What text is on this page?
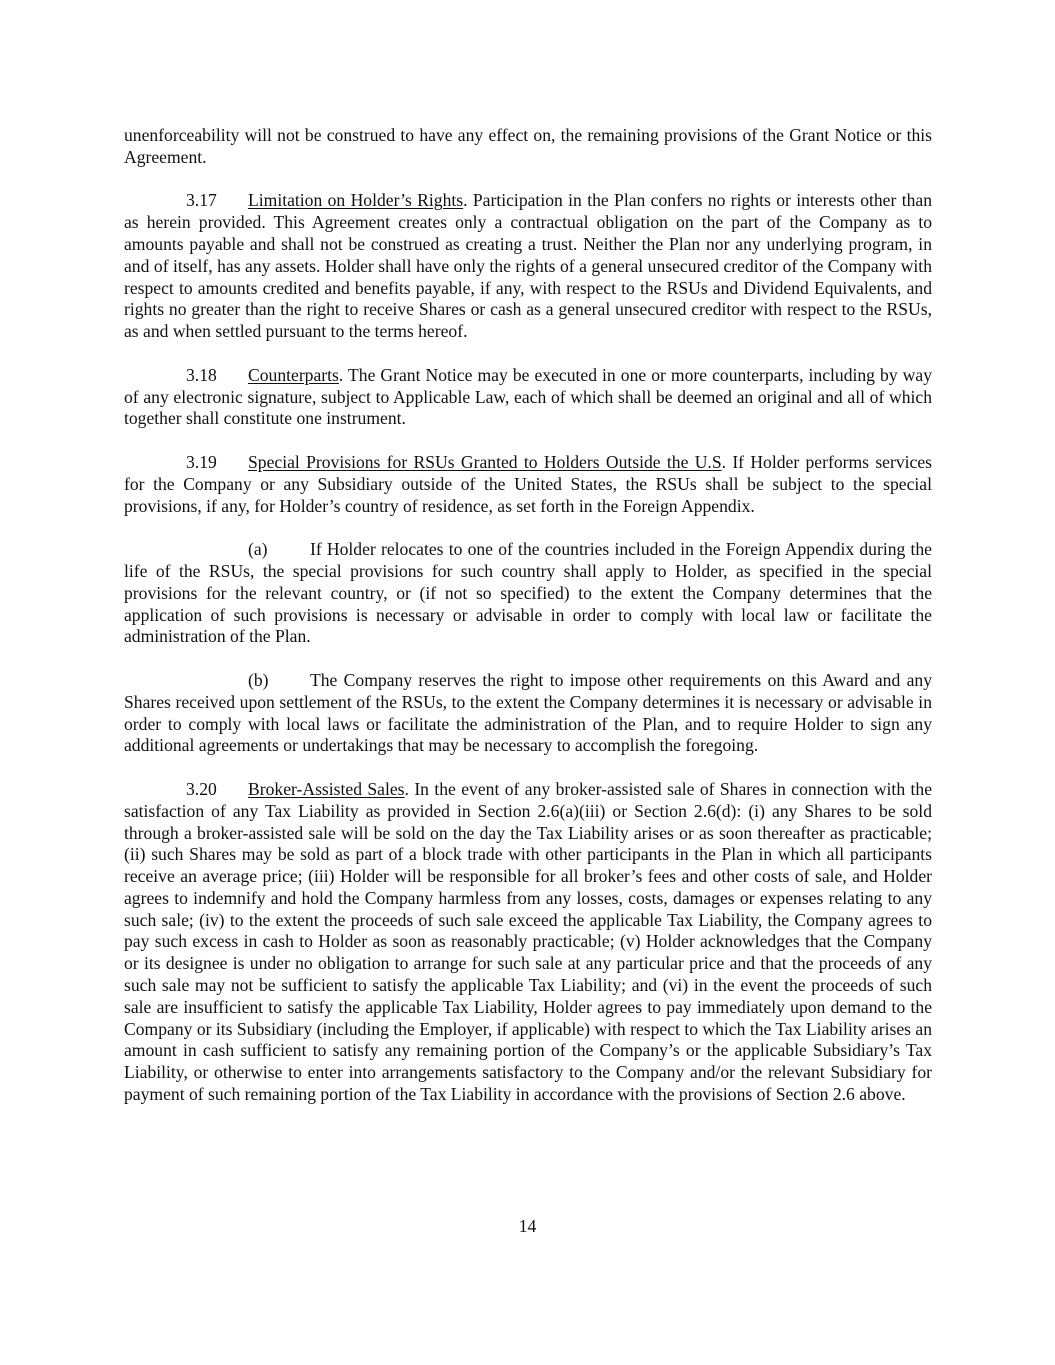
unenforceability will not be construed to have any effect on, the remaining provisions of the Grant Notice or this Agreement.

3.17 Limitation on Holder’s Rights. Participation in the Plan confers no rights or interests other than as herein provided. This Agreement creates only a contractual obligation on the part of the Company as to amounts payable and shall not be construed as creating a trust. Neither the Plan nor any underlying program, in and of itself, has any assets. Holder shall have only the rights of a general unsecured creditor of the Company with respect to amounts credited and benefits payable, if any, with respect to the RSUs and Dividend Equivalents, and rights no greater than the right to receive Shares or cash as a general unsecured creditor with respect to the RSUs, as and when settled pursuant to the terms hereof.

3.18 Counterparts. The Grant Notice may be executed in one or more counterparts, including by way of any electronic signature, subject to Applicable Law, each of which shall be deemed an original and all of which together shall constitute one instrument.

3.19 Special Provisions for RSUs Granted to Holders Outside the U.S. If Holder performs services for the Company or any Subsidiary outside of the United States, the RSUs shall be subject to the special provisions, if any, for Holder’s country of residence, as set forth in the Foreign Appendix.

(a) If Holder relocates to one of the countries included in the Foreign Appendix during the life of the RSUs, the special provisions for such country shall apply to Holder, as specified in the special provisions for the relevant country, or (if not so specified) to the extent the Company determines that the application of such provisions is necessary or advisable in order to comply with local law or facilitate the administration of the Plan.

(b) The Company reserves the right to impose other requirements on this Award and any Shares received upon settlement of the RSUs, to the extent the Company determines it is necessary or advisable in order to comply with local laws or facilitate the administration of the Plan, and to require Holder to sign any additional agreements or undertakings that may be necessary to accomplish the foregoing.

3.20 Broker-Assisted Sales. In the event of any broker-assisted sale of Shares in connection with the satisfaction of any Tax Liability as provided in Section 2.6(a)(iii) or Section 2.6(d): (i) any Shares to be sold through a broker-assisted sale will be sold on the day the Tax Liability arises or as soon thereafter as practicable; (ii) such Shares may be sold as part of a block trade with other participants in the Plan in which all participants receive an average price; (iii) Holder will be responsible for all broker’s fees and other costs of sale, and Holder agrees to indemnify and hold the Company harmless from any losses, costs, damages or expenses relating to any such sale; (iv) to the extent the proceeds of such sale exceed the applicable Tax Liability, the Company agrees to pay such excess in cash to Holder as soon as reasonably practicable; (v) Holder acknowledges that the Company or its designee is under no obligation to arrange for such sale at any particular price and that the proceeds of any such sale may not be sufficient to satisfy the applicable Tax Liability; and (vi) in the event the proceeds of such sale are insufficient to satisfy the applicable Tax Liability, Holder agrees to pay immediately upon demand to the Company or its Subsidiary (including the Employer, if applicable) with respect to which the Tax Liability arises an amount in cash sufficient to satisfy any remaining portion of the Company’s or the applicable Subsidiary’s Tax Liability, or otherwise to enter into arrangements satisfactory to the Company and/or the relevant Subsidiary for payment of such remaining portion of the Tax Liability in accordance with the provisions of Section 2.6 above.

14
